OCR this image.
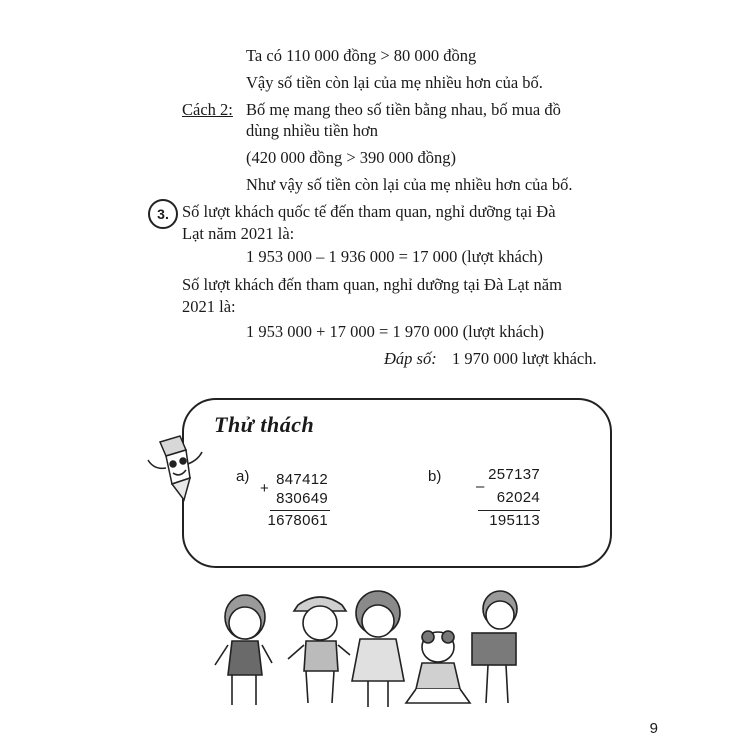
Ta có 110 000 đồng > 80 000 đồng
Vậy số tiền còn lại của mẹ nhiều hơn của bố.
Cách 2: Bố mẹ mang theo số tiền bằng nhau, bố mua đồ
dùng nhiều tiền hơn
(420 000 đồng > 390 000 đồng)
Như vậy số tiền còn lại của mẹ nhiều hơn của bố.
3. Số lượt khách quốc tế đến tham quan, nghỉ dưỡng tại Đà
Lạt năm 2021 là:
1 953 000 – 1 936 000 = 17 000 (lượt khách)
Số lượt khách đến tham quan, nghỉ dưỡng tại Đà Lạt năm
2021 là:
1 953 000 + 17 000 = 1 970 000 (lượt khách)
Đáp số: 1 970 000 lượt khách.
Thử thách
a)
+
847412
830649
1678061
b)
–
257137
62024
195113
9
